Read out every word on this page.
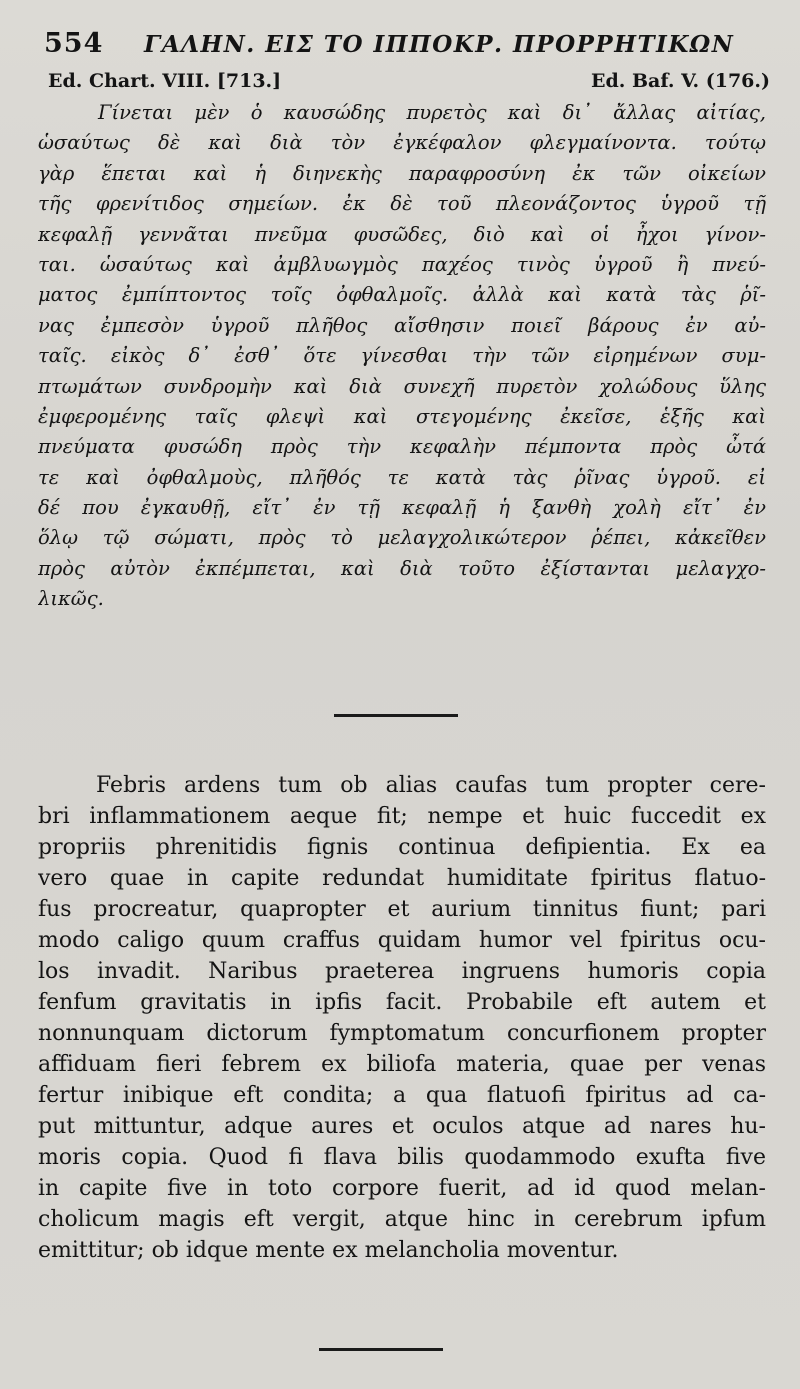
554 ΓΑΛΗΝ. ΕΙΣ ΤΟ ΙΠΠΟΚΡ. ΠΡΟΡΡΗΤΙΚΩΝ
Ed. Chart. VIII. [713.]	Ed. Baf. V. (176.)
Γίνεται μὲν ὁ καυσώδης πυρετὸς καὶ δι᾿ ἄλλας αἰτίας,
ὡσαύτως δὲ καὶ διὰ τὸν ἐγκέφαλον φλεγμαίνοντα. τούτῳ
γὰρ ἕπεται καὶ ἡ διηνεκὴς παραφροσύνη ἐκ τῶν οἰκείων
τῆς φρενίτιδος σημείων. ἐκ δὲ τοῦ πλεονάζοντος ὑγροῦ τῇ
κεφαλῇ γεννᾶται πνεῦμα φυσῶδες, διὸ καὶ οἱ ἦχοι γίνον-
ται. ὡσαύτως καὶ ἀμβλυωγμὸς παχέος τινὸς ὑγροῦ ἢ πνεύ-
ματος ἐμπίπτοντος τοῖς ὀφθαλμοῖς. ἀλλὰ καὶ κατὰ τὰς ῥῖ-
νας ἐμπεσὸν ὑγροῦ πλῆθος αἴσθησιν ποιεῖ βάρους ἐν αὐ-
ταῖς. εἰκὸς δ᾿ ἐσθ᾿ ὅτε γίνεσθαι τὴν τῶν εἰρημένων συμ-
πτωμάτων συνδρομὴν καὶ διὰ συνεχῆ πυρετὸν χολώδους ὕλης
ἐμφερομένης ταῖς φλεψὶ καὶ στεγομένης ἐκεῖσε, ἑξῆς καὶ
πνεύματα φυσώδη πρὸς τὴν κεφαλὴν πέμποντα πρὸς ὦτά
τε καὶ ὀφθαλμοὺς, πλῆθός τε κατὰ τὰς ῥῖνας ὑγροῦ. εἰ
δέ που ἐγκαυθῇ, εἴτ᾿ ἐν τῇ κεφαλῇ ἡ ξανθὴ χολὴ εἴτ᾿ ἐν
ὅλῳ τῷ σώματι, πρὸς τὸ μελαγχολικώτερον ῥέπει, κἀκεῖθεν
πρὸς αὐτὸν ἐκπέμπεται, καὶ διὰ τοῦτο ἐξίστανται μελαγχο-
λικῶς.
Febris ardens tum ob alias caufas tum propter cere-
bri inflammationem aeque fit; nempe et huic fuccedit ex
propriis phrenitidis fignis continua defipientia. Ex ea
vero quae in capite redundat humiditate fpiritus flatuo-
fus procreatur, quapropter et aurium tinnitus fiunt; pari
modo caligo quum craffus quidam humor vel fpiritus ocu-
los invadit. Naribus praeterea ingruens humoris copia
fenfum gravitatis in ipfis facit. Probabile eft autem et
nonnunquam dictorum fymptomatum concurfionem propter
affiduam fieri febrem ex biliofa materia, quae per venas
fertur inibique eft condita; a qua flatuofi fpiritus ad ca-
put mittuntur, adque aures et oculos atque ad nares hu-
moris copia. Quod fi flava bilis quodammodo exufta five
in capite five in toto corpore fuerit, ad id quod melan-
cholicum magis eft vergit, atque hinc in cerebrum ipfum
emittitur; ob idque mente ex melancholia moventur.
